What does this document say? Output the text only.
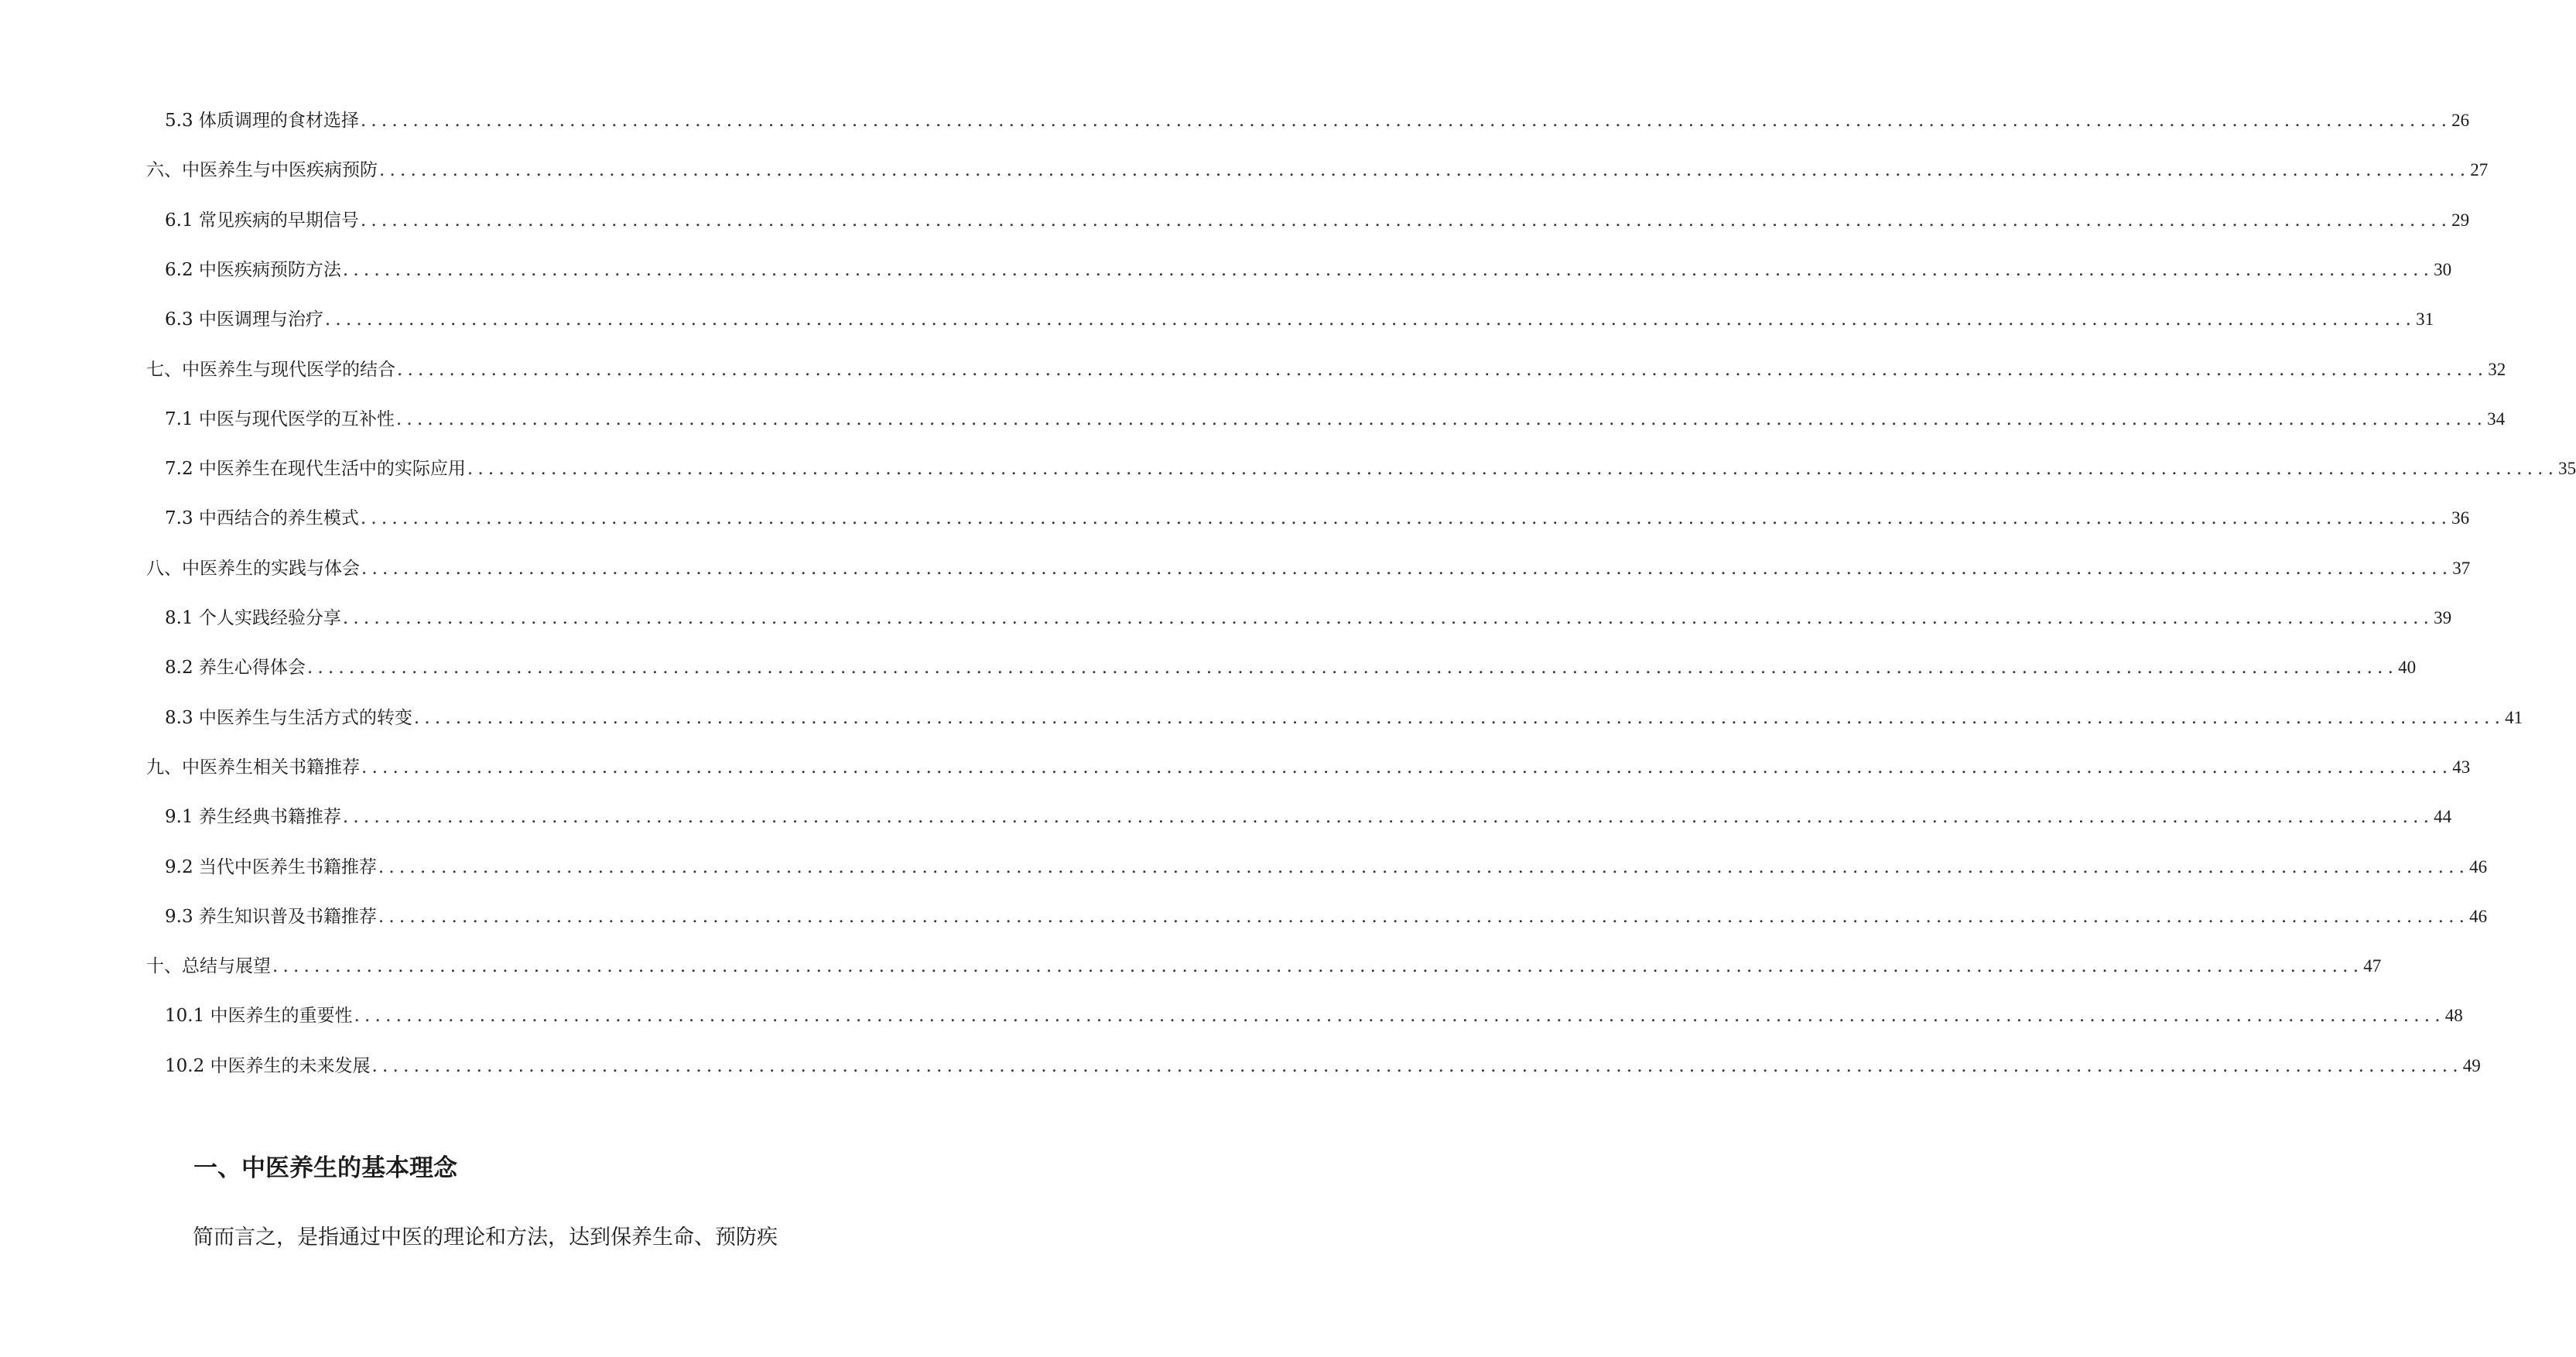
5.3 体质调理的食材选择 ........................................................................................................................................................................................................ 26
六、中医养生与中医疾病预防 ........................................................................................................................................................................................................ 27
6.1 常见疾病的早期信号 ........................................................................................................................................................................................................ 29
6.2 中医疾病预防方法 ........................................................................................................................................................................................................ 30
6.3 中医调理与治疗 ........................................................................................................................................................................................................ 31
七、中医养生与现代医学的结合 ........................................................................................................................................................................................................ 32
7.1 中医与现代医学的互补性 ........................................................................................................................................................................................................ 34
7.2 中医养生在现代生活中的实际应用 ........................................................................................................................................................................................................ 35
7.3 中西结合的养生模式 ........................................................................................................................................................................................................ 36
八、中医养生的实践与体会 ........................................................................................................................................................................................................ 37
8.1 个人实践经验分享 ........................................................................................................................................................................................................ 39
8.2 养生心得体会 ........................................................................................................................................................................................................ 40
8.3 中医养生与生活方式的转变 ........................................................................................................................................................................................................ 41
九、中医养生相关书籍推荐 ........................................................................................................................................................................................................ 43
9.1 养生经典书籍推荐 ........................................................................................................................................................................................................ 44
9.2 当代中医养生书籍推荐 ........................................................................................................................................................................................................ 46
9.3 养生知识普及书籍推荐 ........................................................................................................................................................................................................ 46
十、总结与展望 ........................................................................................................................................................................................................ 47
10.1 中医养生的重要性 ........................................................................................................................................................................................................ 48
10.2 中医养生的未来发展 ........................................................................................................................................................................................................ 49
一、中医养生的基本理念
简而言之，是指通过中医的理论和方法，达到保养生命、预防疾
